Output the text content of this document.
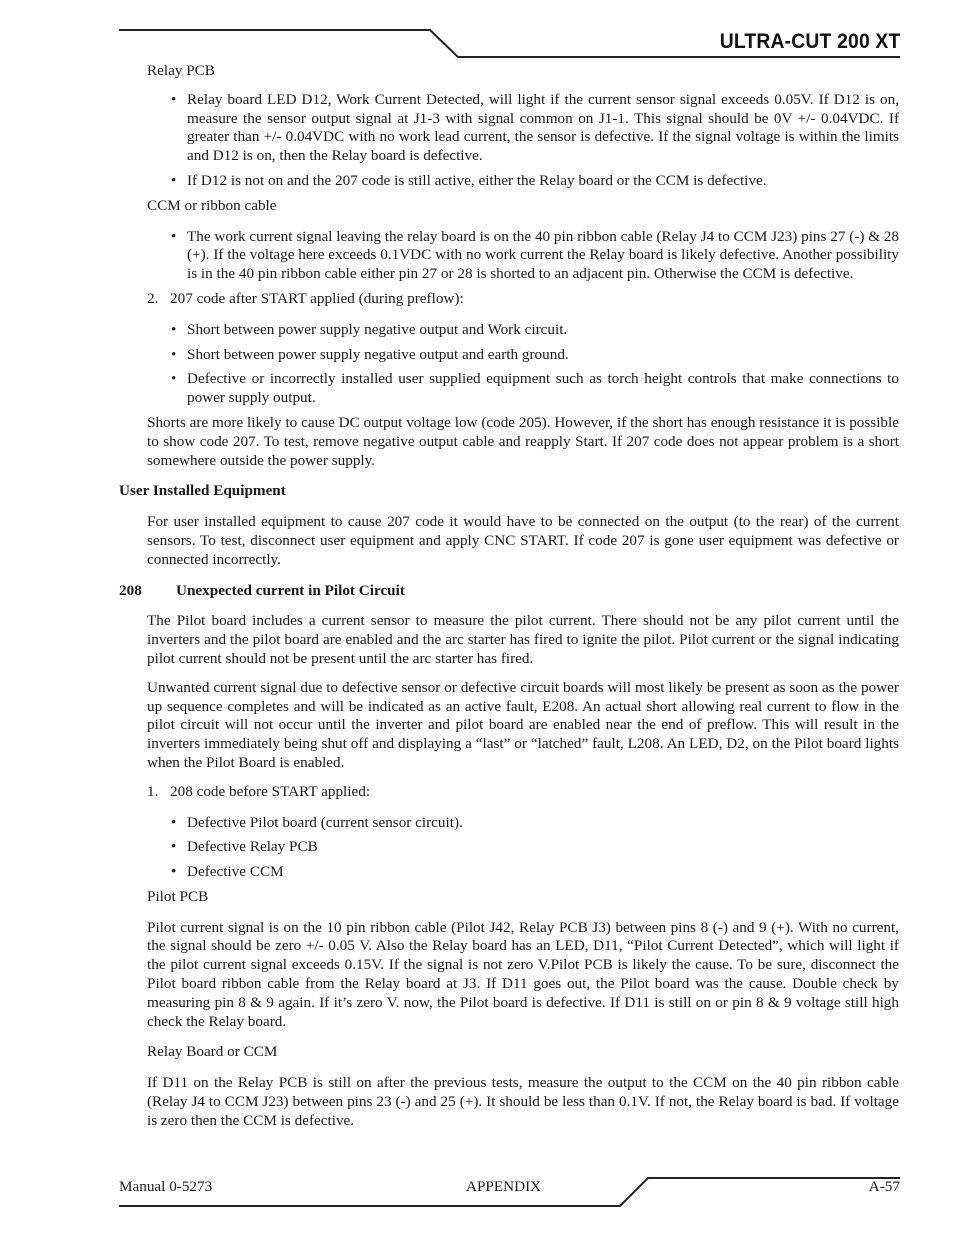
ULTRA-CUT 200 XT

Relay PCB

• Relay board LED D12, Work Current Detected, will light if the current sensor signal exceeds 0.05V. If D12 is on, measure the sensor output signal at J1-3 with signal common on J1-1. This signal should be 0V +/- 0.04VDC. If greater than +/- 0.04VDC with no work lead current, the sensor is defective. If the signal voltage is within the limits and D12 is on, then the Relay board is defective.
• If D12 is not on and the 207 code is still active, either the Relay board or the CCM is defective.

CCM or ribbon cable

• The work current signal leaving the relay board is on the 40 pin ribbon cable (Relay J4 to CCM J23) pins 27 (-) & 28 (+). If the voltage here exceeds 0.1VDC with no work current the Relay board is likely defective. Another possibility is in the 40 pin ribbon cable either pin 27 or 28 is shorted to an adjacent pin. Otherwise the CCM is defective.

2. 207 code after START applied (during preflow):

• Short between power supply negative output and Work circuit.
• Short between power supply negative output and earth ground.
• Defective or incorrectly installed user supplied equipment such as torch height controls that make connections to power supply output.

Shorts are more likely to cause DC output voltage low (code 205). However, if the short has enough resistance it is possible to show code 207. To test, remove negative output cable and reapply Start. If 207 code does not appear problem is a short somewhere outside the power supply.

User Installed Equipment

For user installed equipment to cause 207 code it would have to be connected on the output (to the rear) of the current sensors. To test, disconnect user equipment and apply CNC START. If code 207 is gone user equipment was defective or connected incorrectly.

208 Unexpected current in Pilot Circuit

The Pilot board includes a current sensor to measure the pilot current. There should not be any pilot current until the inverters and the pilot board are enabled and the arc starter has fired to ignite the pilot. Pilot current or the signal indicating pilot current should not be present until the arc starter has fired.

Unwanted current signal due to defective sensor or defective circuit boards will most likely be present as soon as the power up sequence completes and will be indicated as an active fault, E208. An actual short allowing real current to flow in the pilot circuit will not occur until the inverter and pilot board are enabled near the end of preflow. This will result in the inverters immediately being shut off and displaying a “last” or “latched” fault, L208. An LED, D2, on the Pilot board lights when the Pilot Board is enabled.

1. 208 code before START applied:

• Defective Pilot board (current sensor circuit).
• Defective Relay PCB
• Defective CCM

Pilot PCB

Pilot current signal is on the 10 pin ribbon cable (Pilot J42, Relay PCB J3) between pins 8 (-) and 9 (+). With no current, the signal should be zero +/- 0.05 V. Also the Relay board has an LED, D11, “Pilot Current Detected”, which will light if the pilot current signal exceeds 0.15V. If the signal is not zero V.Pilot PCB is likely the cause. To be sure, disconnect the Pilot board ribbon cable from the Relay board at J3. If D11 goes out, the Pilot board was the cause. Double check by measuring pin 8 & 9 again. If it’s zero V. now, the Pilot board is defective. If D11 is still on or pin 8 & 9 voltage still high check the Relay board.

Relay Board or CCM

If D11 on the Relay PCB is still on after the previous tests, measure the output to the CCM on the 40 pin ribbon cable (Relay J4 to CCM J23) between pins 23 (-) and 25 (+). It should be less than 0.1V. If not, the Relay board is bad. If voltage is zero then the CCM is defective.

Manual 0-5273	APPENDIX	A-57
